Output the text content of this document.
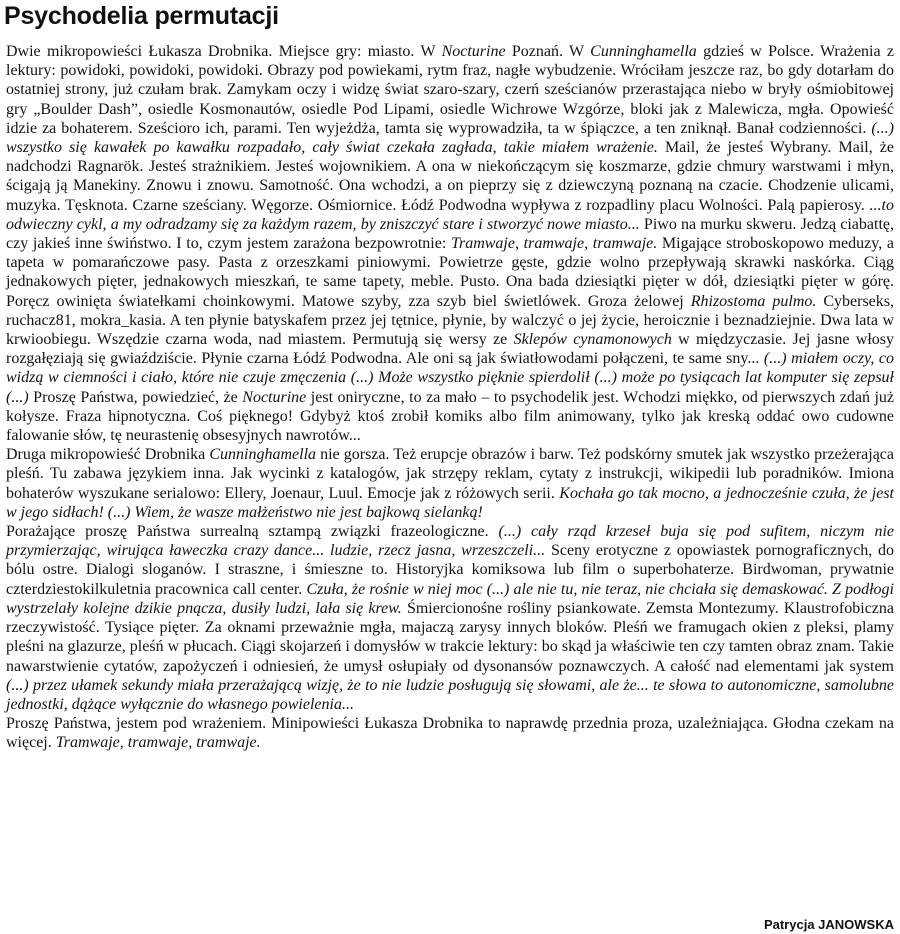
Psychodelia permutacji

Dwie mikropowieści Łukasza Drobnika. Miejsce gry: miasto. W Nocturine Poznań. W Cunninghamella gdzieś w Polsce. Wrażenia z lektury: powidoki, powidoki, powidoki. Obrazy pod powiekami, rytm fraz, nagłe wybudzenie. Wróciłam jeszcze raz, bo gdy dotarłam do ostatniej strony, już czułam brak. Zamykam oczy i widzę świat szaro-szary, czerń sześcianów przerastająca niebo w bryły ośmiobitowej gry „Boulder Dash”, osiedle Kosmonautów, osiedle Pod Lipami, osiedle Wichrowe Wzgórze, bloki jak z Malewicza, mgła. Opowieść idzie za bohaterem. Sześcioro ich, parami. Ten wyjeżdża, tamta się wyprowadziła, ta w śpiączce, a ten zniknął. Banał codzienności. (...) wszystko się kawałek po kawałku rozpadało, cały świat czekała zagłada, takie miałem wrażenie. Mail, że jesteś Wybrany. Mail, że nadchodzi Ragnarök. Jesteś strażnikiem. Jesteś wojownikiem. A ona w niekończącym się koszmarze, gdzie chmury warstwami i młyn, ścigają ją Manekiny. Znowu i znowu. Samotność. Ona wchodzi, a on pieprzy się z dziewczyną poznaną na czacie. Chodzenie ulicami, muzyka. Tęsknota. Czarne sześciany. Węgorze. Ośmiornice. Łódź Podwodna wypływa z rozpadliny placu Wolności. Palą papierosy. ...to odwieczny cykl, a my odradzamy się za każdym razem, by zniszczyć stare i stworzyć nowe miasto... Piwo na murku skweru. Jedzą ciabattę, czy jakieś inne świństwo. I to, czym jestem zarażona bezpowrotnie: Tramwaje, tramwaje, tramwaje. Migające stroboskopowo meduzy, a tapeta w pomarańczowe pasy. Pasta z orzeszkami piniowymi. Powietrze gęste, gdzie wolno przepływają skrawki naskórka. Ciąg jednakowych pięter, jednakowych mieszkań, te same tapety, meble. Pusto. Ona bada dziesiątki pięter w dół, dziesiątki pięter w górę. Poręcz owinięta światełkami choinkowymi. Matowe szyby, zza szyb biel świetlówek. Groza żelowej Rhizostoma pulmo. Cyberseks, ruchacz81, mokra_kasia. A ten płynie batyskafem przez jej tętnice, płynie, by walczyć o jej życie, heroicznie i beznadziejnie. Dwa lata w krwioobiegu. Wszędzie czarna woda, nad miastem. Permutują się wersy ze Sklepów cynamonowych w międzyczasie. Jej jasne włosy rozgałęziają się gwiaździście. Płynie czarna Łódź Podwodna. Ale oni są jak światłowodami połączeni, te same sny... (...) miałem oczy, co widzą w ciemności i ciało, które nie czuje zmęczenia (...) Może wszystko pięknie spierdolił (...) może po tysiącach lat komputer się zepsuł (...) Proszę Państwa, powiedzieć, że Nocturine jest oniryczne, to za mało – to psychodelik jest. Wchodzi miękko, od pierwszych zdań już kołysze. Fraza hipnotyczna. Coś pięknego! Gdybyż ktoś zrobił komiks albo film animowany, tylko jak kreską oddać owo cudowne falowanie słów, tę neurastenię obsesyjnych nawrotów...

Druga mikropowieść Drobnika Cunninghamella nie gorsza. Też erupcje obrazów i barw. Też podskórny smutek jak wszystko przeżerająca pleśń. Tu zabawa językiem inna. Jak wycinki z katalogów, jak strzępy reklam, cytaty z instrukcji, wikipedii lub poradników. Imiona bohaterów wyszukane serialowo: Ellery, Joenaur, Luul. Emocje jak z różowych serii. Kochała go tak mocno, a jednocześnie czuła, że jest w jego sidłach! (...) Wiem, że wasze małżeństwo nie jest bajkową sielanką!

Porażające proszę Państwa surrealną sztampą związki frazeologiczne. (...) cały rząd krzeseł buja się pod sufitem, niczym nie przymierzając, wirująca ławeczka crazy dance... ludzie, rzecz jasna, wrzeszczeli... Sceny erotyczne z opowiastek pornograficznych, do bólu ostre. Dialogi sloganów. I straszne, i śmieszne to. Historyjka komiksowa lub film o superbohaterze. Birdwoman, prywatnie czterdziestokilkuletnia pracownica call center. Czuła, że rośnie w niej moc (...) ale nie tu, nie teraz, nie chciała się demaskować. Z podłogi wystrzelały kolejne dzikie pnącza, dusiły ludzi, lała się krew. Śmiercionośne rośliny psiankowate. Zemsta Montezumy. Klaustrofobiczna rzeczywistość. Tysiące pięter. Za oknami przeważnie mgła, majaczą zarysy innych bloków. Pleśń we framugach okien z pleksi, plamy pleśni na glazurze, pleśń w płucach. Ciągi skojarzeń i domysłów w trakcie lektury: bo skąd ja właściwie ten czy tamten obraz znam. Takie nawarstwienie cytatów, zapożyczeń i odniesień, że umysł osłupiały od dysonansów poznawczych. A całość nad elementami jak system (...) przez ułamek sekundy miała przerażającą wizję, że to nie ludzie posługują się słowami, ale że... te słowa to autonomiczne, samolubne jednostki, dążące wyłącznie do własnego powielenia...

Proszę Państwa, jestem pod wrażeniem. Minipowieści Łukasza Drobnika to naprawdę przednia proza, uzależniająca. Głodna czekam na więcej. Tramwaje, tramwaje, tramwaje.

Patrycja JANOWSKA
